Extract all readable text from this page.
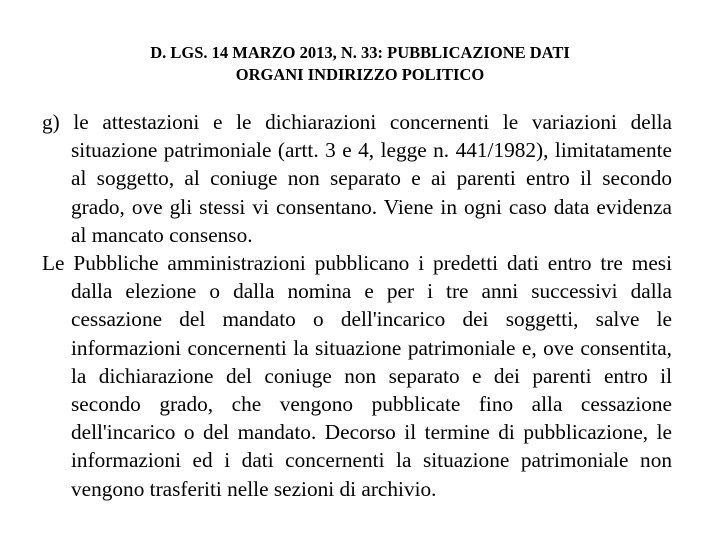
D. LGS. 14 MARZO 2013, N. 33: PUBBLICAZIONE DATI
ORGANI INDIRIZZO POLITICO

g) le attestazioni e le dichiarazioni concernenti le variazioni della situazione patrimoniale (artt. 3 e 4, legge n. 441/1982), limitatamente al soggetto, al coniuge non separato e ai parenti entro il secondo grado, ove gli stessi vi consentano. Viene in ogni caso data evidenza al mancato consenso.

Le Pubbliche amministrazioni pubblicano i predetti dati entro tre mesi dalla elezione o dalla nomina e per i tre anni successivi dalla cessazione del mandato o dell'incarico dei soggetti, salve le informazioni concernenti la situazione patrimoniale e, ove consentita, la dichiarazione del coniuge non separato e dei parenti entro il secondo grado, che vengono pubblicate fino alla cessazione dell'incarico o del mandato. Decorso il termine di pubblicazione, le informazioni ed i dati concernenti la situazione patrimoniale non vengono trasferiti nelle sezioni di archivio.
